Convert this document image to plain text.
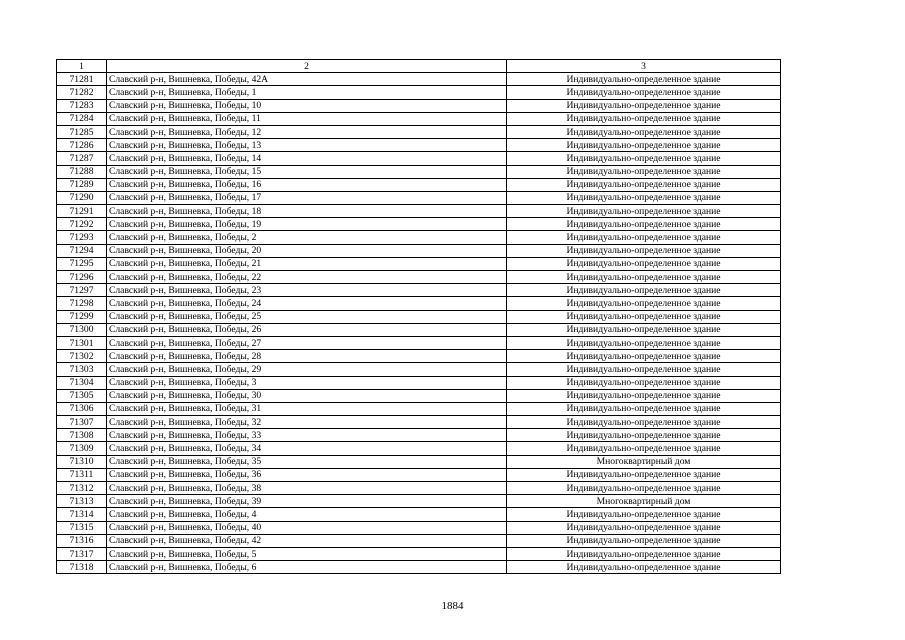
1	2	3
71281	Славский р-н, Вишневка, Победы, 42А	Индивидуально-определенное здание
71282	Славский р-н, Вишневка, Победы, 1	Индивидуально-определенное здание
71283	Славский р-н, Вишневка, Победы, 10	Индивидуально-определенное здание
71284	Славский р-н, Вишневка, Победы, 11	Индивидуально-определенное здание
71285	Славский р-н, Вишневка, Победы, 12	Индивидуально-определенное здание
71286	Славский р-н, Вишневка, Победы, 13	Индивидуально-определенное здание
71287	Славский р-н, Вишневка, Победы, 14	Индивидуально-определенное здание
71288	Славский р-н, Вишневка, Победы, 15	Индивидуально-определенное здание
71289	Славский р-н, Вишневка, Победы, 16	Индивидуально-определенное здание
71290	Славский р-н, Вишневка, Победы, 17	Индивидуально-определенное здание
71291	Славский р-н, Вишневка, Победы, 18	Индивидуально-определенное здание
71292	Славский р-н, Вишневка, Победы, 19	Индивидуально-определенное здание
71293	Славский р-н, Вишневка, Победы, 2	Индивидуально-определенное здание
71294	Славский р-н, Вишневка, Победы, 20	Индивидуально-определенное здание
71295	Славский р-н, Вишневка, Победы, 21	Индивидуально-определенное здание
71296	Славский р-н, Вишневка, Победы, 22	Индивидуально-определенное здание
71297	Славский р-н, Вишневка, Победы, 23	Индивидуально-определенное здание
71298	Славский р-н, Вишневка, Победы, 24	Индивидуально-определенное здание
71299	Славский р-н, Вишневка, Победы, 25	Индивидуально-определенное здание
71300	Славский р-н, Вишневка, Победы, 26	Индивидуально-определенное здание
71301	Славский р-н, Вишневка, Победы, 27	Индивидуально-определенное здание
71302	Славский р-н, Вишневка, Победы, 28	Индивидуально-определенное здание
71303	Славский р-н, Вишневка, Победы, 29	Индивидуально-определенное здание
71304	Славский р-н, Вишневка, Победы, 3	Индивидуально-определенное здание
71305	Славский р-н, Вишневка, Победы, 30	Индивидуально-определенное здание
71306	Славский р-н, Вишневка, Победы, 31	Индивидуально-определенное здание
71307	Славский р-н, Вишневка, Победы, 32	Индивидуально-определенное здание
71308	Славский р-н, Вишневка, Победы, 33	Индивидуально-определенное здание
71309	Славский р-н, Вишневка, Победы, 34	Индивидуально-определенное здание
71310	Славский р-н, Вишневка, Победы, 35	Многоквартирный дом
71311	Славский р-н, Вишневка, Победы, 36	Индивидуально-определенное здание
71312	Славский р-н, Вишневка, Победы, 38	Индивидуально-определенное здание
71313	Славский р-н, Вишневка, Победы, 39	Многоквартирный дом
71314	Славский р-н, Вишневка, Победы, 4	Индивидуально-определенное здание
71315	Славский р-н, Вишневка, Победы, 40	Индивидуально-определенное здание
71316	Славский р-н, Вишневка, Победы, 42	Индивидуально-определенное здание
71317	Славский р-н, Вишневка, Победы, 5	Индивидуально-определенное здание
71318	Славский р-н, Вишневка, Победы, 6	Индивидуально-определенное здание
1884
